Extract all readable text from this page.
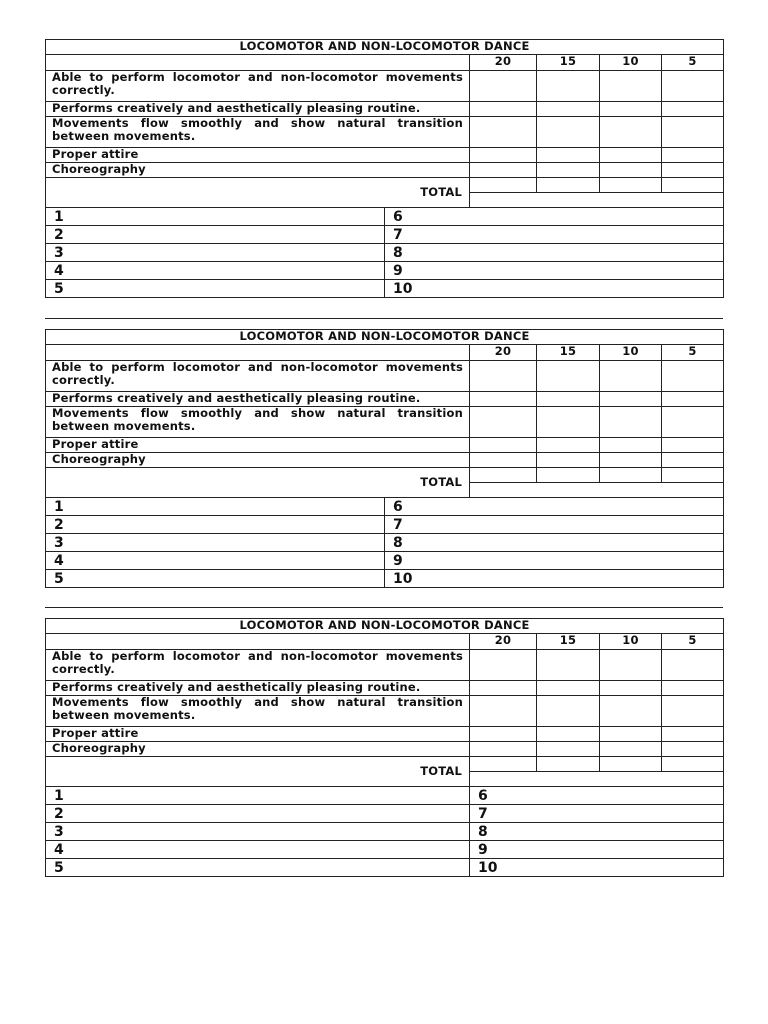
LOCOMOTOR AND NON-LOCOMOTOR DANCE				
	20	15	10	5
Able to perform locomotor and non-locomotor movements correctly.				
Performs creatively and aesthetically pleasing routine.				
Movements flow smoothly and show natural transition between movements.				
Proper attire				
Choreography				
TOTAL				

1	6
2	7
3	8
4	9
5	10
LOCOMOTOR AND NON-LOCOMOTOR DANCE				
	20	15	10	5
Able to perform locomotor and non-locomotor movements correctly.				
Performs creatively and aesthetically pleasing routine.				
Movements flow smoothly and show natural transition between movements.				
Proper attire				
Choreography				
TOTAL				

1	6
2	7
3	8
4	9
5	10
LOCOMOTOR AND NON-LOCOMOTOR DANCE				
	20	15	10	5
Able to perform locomotor and non-locomotor movements correctly.				
Performs creatively and aesthetically pleasing routine.				
Movements flow smoothly and show natural transition between movements.				
Proper attire				
Choreography				
TOTAL				

1	6
2	7
3	8
4	9
5	10
